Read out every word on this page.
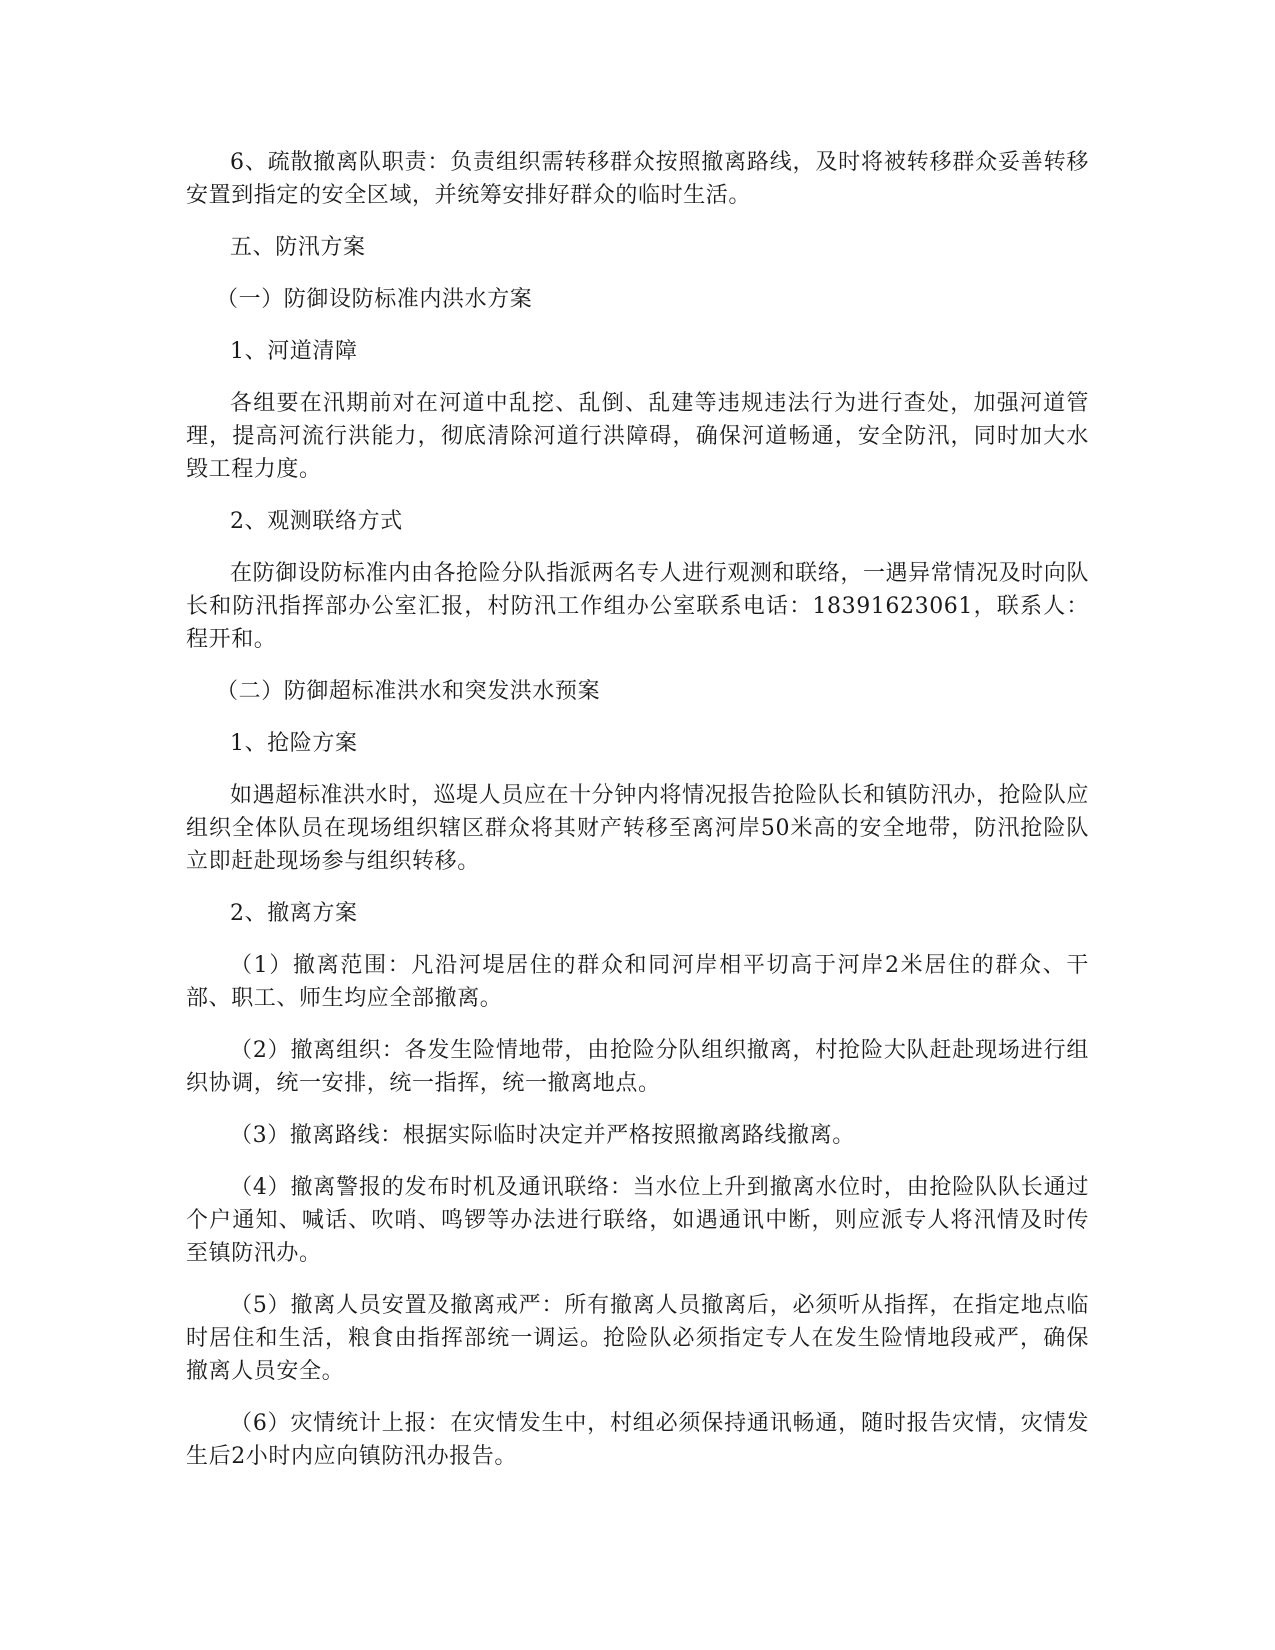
6、疏散撤离队职责：负责组织需转移群众按照撤离路线，及时将被转移群众妥善转移安置到指定的安全区域，并统筹安排好群众的临时生活。

五、防汛方案

（一）防御设防标准内洪水方案

1、河道清障

各组要在汛期前对在河道中乱挖、乱倒、乱建等违规违法行为进行查处，加强河道管理，提高河流行洪能力，彻底清除河道行洪障碍，确保河道畅通，安全防汛，同时加大水毁工程力度。

2、观测联络方式

在防御设防标准内由各抢险分队指派两名专人进行观测和联络，一遇异常情况及时向队长和防汛指挥部办公室汇报，村防汛工作组办公室联系电话：18391623061，联系人：程开和。

（二）防御超标准洪水和突发洪水预案

1、抢险方案

如遇超标准洪水时，巡堤人员应在十分钟内将情况报告抢险队长和镇防汛办，抢险队应组织全体队员在现场组织辖区群众将其财产转移至离河岸50米高的安全地带，防汛抢险队立即赶赴现场参与组织转移。

2、撤离方案

（1）撤离范围：凡沿河堤居住的群众和同河岸相平切高于河岸2米居住的群众、干部、职工、师生均应全部撤离。

（2）撤离组织：各发生险情地带，由抢险分队组织撤离，村抢险大队赶赴现场进行组织协调，统一安排，统一指挥，统一撤离地点。

（3）撤离路线：根据实际临时决定并严格按照撤离路线撤离。

（4）撤离警报的发布时机及通讯联络：当水位上升到撤离水位时，由抢险队队长通过个户通知、喊话、吹哨、鸣锣等办法进行联络，如遇通讯中断，则应派专人将汛情及时传至镇防汛办。

（5）撤离人员安置及撤离戒严：所有撤离人员撤离后，必须听从指挥，在指定地点临时居住和生活，粮食由指挥部统一调运。抢险队必须指定专人在发生险情地段戒严，确保撤离人员安全。

（6）灾情统计上报：在灾情发生中，村组必须保持通讯畅通，随时报告灾情，灾情发生后2小时内应向镇防汛办报告。
